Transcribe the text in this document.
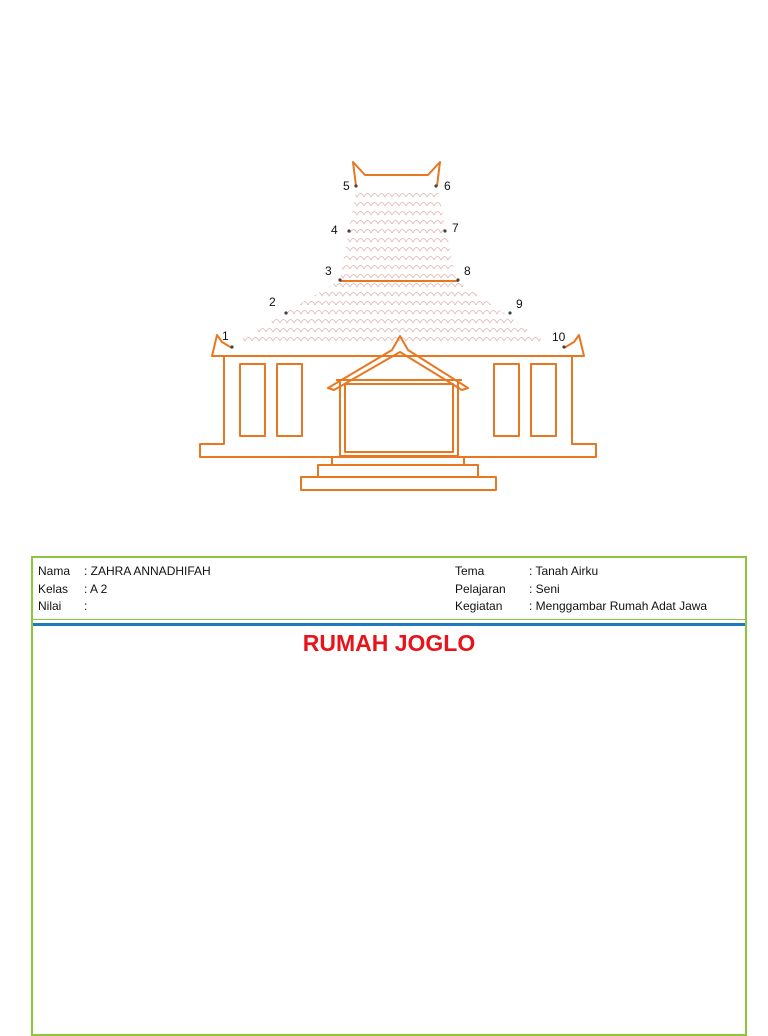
1
2
3
4
5	6
7
8
9
10
Nama : ZAHRA ANNADHIFAH
Kelas : A 2
Nilai :
Tema	: Tanah Airku
Pelajaran : Seni
Kegiatan : Menggambar Rumah Adat Jawa
RUMAH JOGLO
